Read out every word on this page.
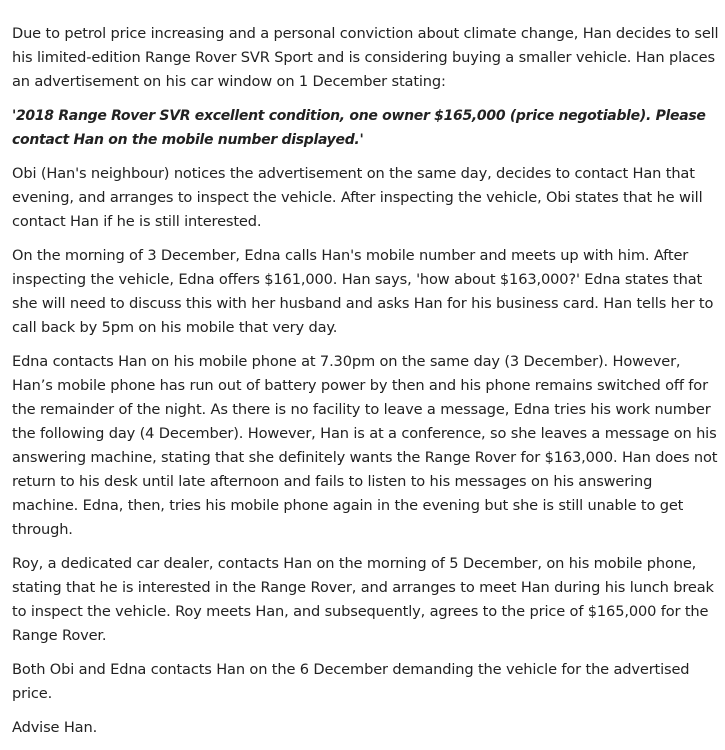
Due to petrol price increasing and a personal conviction about climate change, Han decides to sell his limited-edition Range Rover SVR Sport and is considering buying a smaller vehicle. Han places an advertisement on his car window on 1 December stating:

'2018 Range Rover SVR excellent condition, one owner $165,000 (price negotiable). Please contact Han on the mobile number displayed.'

Obi (Han's neighbour) notices the advertisement on the same day, decides to contact Han that evening, and arranges to inspect the vehicle. After inspecting the vehicle, Obi states that he will contact Han if he is still interested.

On the morning of 3 December, Edna calls Han's mobile number and meets up with him. After inspecting the vehicle, Edna offers $161,000. Han says, 'how about $163,000?' Edna states that she will need to discuss this with her husband and asks Han for his business card. Han tells her to call back by 5pm on his mobile that very day.

Edna contacts Han on his mobile phone at 7.30pm on the same day (3 December). However, Han’s mobile phone has run out of battery power by then and his phone remains switched off for the remainder of the night. As there is no facility to leave a message, Edna tries his work number the following day (4 December). However, Han is at a conference, so she leaves a message on his answering machine, stating that she definitely wants the Range Rover for $163,000. Han does not return to his desk until late afternoon and fails to listen to his messages on his answering machine. Edna, then, tries his mobile phone again in the evening but she is still unable to get through.

Roy, a dedicated car dealer, contacts Han on the morning of 5 December, on his mobile phone, stating that he is interested in the Range Rover, and arranges to meet Han during his lunch break to inspect the vehicle. Roy meets Han, and subsequently, agrees to the price of $165,000 for the Range Rover.

Both Obi and Edna contacts Han on the 6 December demanding the vehicle for the advertised price.

Advise Han.
